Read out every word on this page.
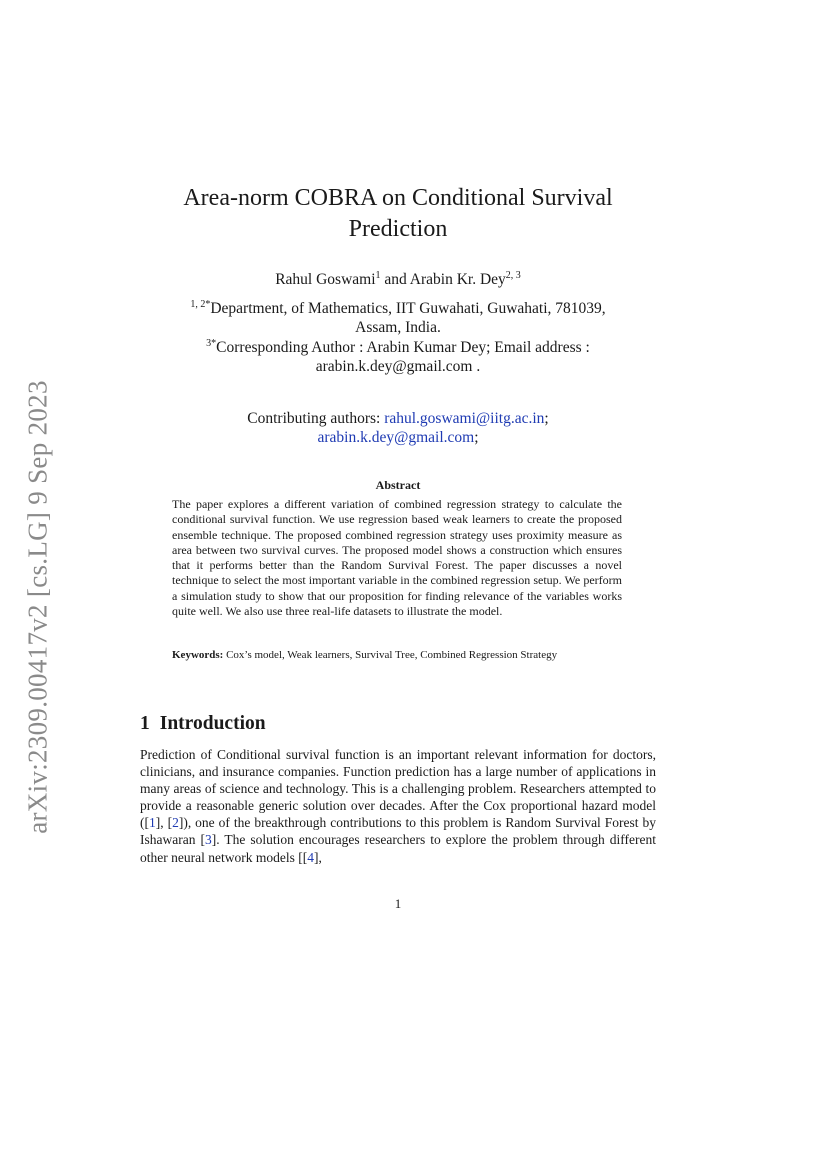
arXiv:2309.00417v2 [cs.LG] 9 Sep 2023
Area-norm COBRA on Conditional Survival
Prediction
Rahul Goswami$^1$ and Arabin Kr. Dey$^{2, 3}$
$^{1, 2*}$Department, of Mathematics, IIT Guwahati, Guwahati, 781039,
Assam, India.
$^{3*}$Corresponding Author : Arabin Kumar Dey; Email address :
arabin.k.dey@gmail.com .
Contributing authors: rahul.goswami@iitg.ac.in;
arabin.k.dey@gmail.com;
Abstract
The paper explores a different variation of combined regression strategy to calculate the conditional survival function. We use regression based weak learners to create the proposed ensemble technique. The proposed combined regression strategy uses proximity measure as area between two survival curves. The proposed model shows a construction which ensures that it performs better than the Random Survival Forest. The paper discusses a novel technique to select the most important variable in the combined regression setup. We perform a simulation study to show that our proposition for finding relevance of the variables works quite well. We also use three real-life datasets to illustrate the model.
Keywords: Cox’s model, Weak learners, Survival Tree, Combined Regression Strategy
1 Introduction
Prediction of Conditional survival function is an important relevant information for doctors, clinicians, and insurance companies. Function prediction has a large number of applications in many areas of science and technology. This is a challenging problem. Researchers attempted to provide a reasonable generic solution over decades. After the Cox proportional hazard model ([1], [2]), one of the breakthrough contributions to this problem is Random Survival Forest by Ishawaran [3]. The solution encourages researchers to explore the problem through different other neural network models [[4],
1
